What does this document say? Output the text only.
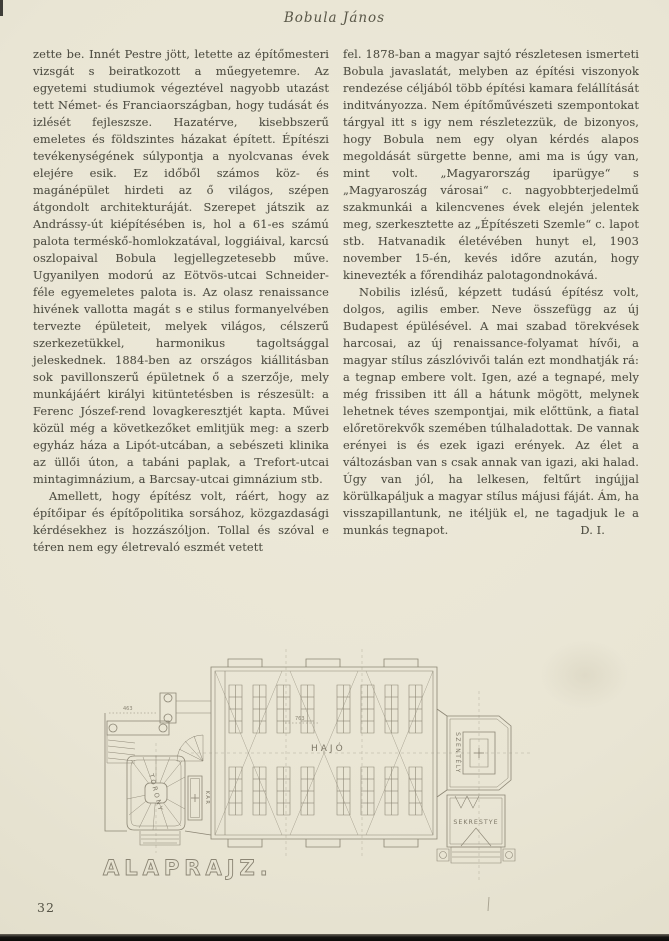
Bobula János

zette be. Innét Pestre jött, letette az építőmesteri vizsgát s beiratkozott a műegyetemre. Az egyetemi studiumok végeztével nagyobb utazást tett Német- és Franciaországban, hogy tudását és izlését fejleszsze. Hazatérve, kisebbszerű emeletes és földszintes házakat épített. Építészi tevékenységének súlypontja a nyolcvanas évek elejére esik. Ez időből számos köz- és magánépület hirdeti az ő világos, szépen átgondolt architekturáját. Szerepet játszik az Andrássy-út kiépítésében is, hol a 61-es számú palota terméskő-homlokzatával, loggiáival, karcsú oszlopaival Bobula legjellegzetesebb műve. Ugyanilyen modorú az Eötvös-utcai Schneider-féle egyemeletes palota is. Az olasz renaissance hivének vallotta magát s e stilus formanyelvében tervezte épületeit, melyek világos, célszerű szerkezetükkel, harmonikus tagoltsággal jeleskednek. 1884-ben az országos kiállitásban sok pavillonszerű épületnek ő a szerzője, mely munkájáért királyi kitüntetésben is részesült: a Ferenc Jószef-rend lovagkeresztjét kapta. Művei közül még a következőket emlitjük meg: a szerb egyház háza a Lipót-utcában, a sebészeti klinika az üllői úton, a tabáni paplak, a Trefort-utcai mintagimnázium, a Barcsay-utcai gimnázium stb.

Amellett, hogy építész volt, ráért, hogy az építőipar és építőpolitika sorsához, közgazdasági kérdésekhez is hozzászóljon. Tollal és szóval e téren nem egy életrevaló eszmét vetett

fel. 1878-ban a magyar sajtó részletesen ismerteti Bobula javaslatát, melyben az építési viszonyok rendezése céljából több építési kamara felállítását inditványozza. Nem építőművészeti szempontokat tárgyal itt s igy nem részletezzük, de bizonyos, hogy Bobula nem egy olyan kérdés alapos megoldását sürgette benne, ami ma is úgy van, mint volt. „Magyarország iparügye“ s „Magyaroszág városai“ c. nagyobbterjedelmű szakmunkái a kilencvenes évek elején jelentek meg, szerkesztette az „Építészeti Szemle“ c. lapot stb. Hatvanadik életévében hunyt el, 1903 november 15-én, kevés időre azután, hogy kinevezték a főrendiház palotagondnokává.

Nobilis izlésű, képzett tudású építész volt, dolgos, agilis ember. Neve összefügg az új Budapest épülésével. A mai szabad törekvések harcosai, az új renaissance-folyamat hívői, a magyar stílus zászlóvivői talán ezt mondhatják rá: a tegnap embere volt. Igen, azé a tegnapé, mely még frissiben itt áll a hátunk mögött, melynek lehetnek téves szempontjai, mik előttünk, a fiatal előretörekvők szemében túlhaladottak. De vannak erényei is és ezek igazi erények. Az élet a változásban van s csak annak van igazi, aki halad. Úgy van jól, ha lelkesen, feltűrt ingújjal körülkapáljuk a magyar stílus májusi fáját. Ám, ha visszapillantunk, ne itéljük el, ne tagadjuk le a munkás tegnapot.	D. I.

HAJÓ
763
463
TORONY	KAR
SZENTÉLY
SEKRESTYE
ALAPRAJZ.
32
